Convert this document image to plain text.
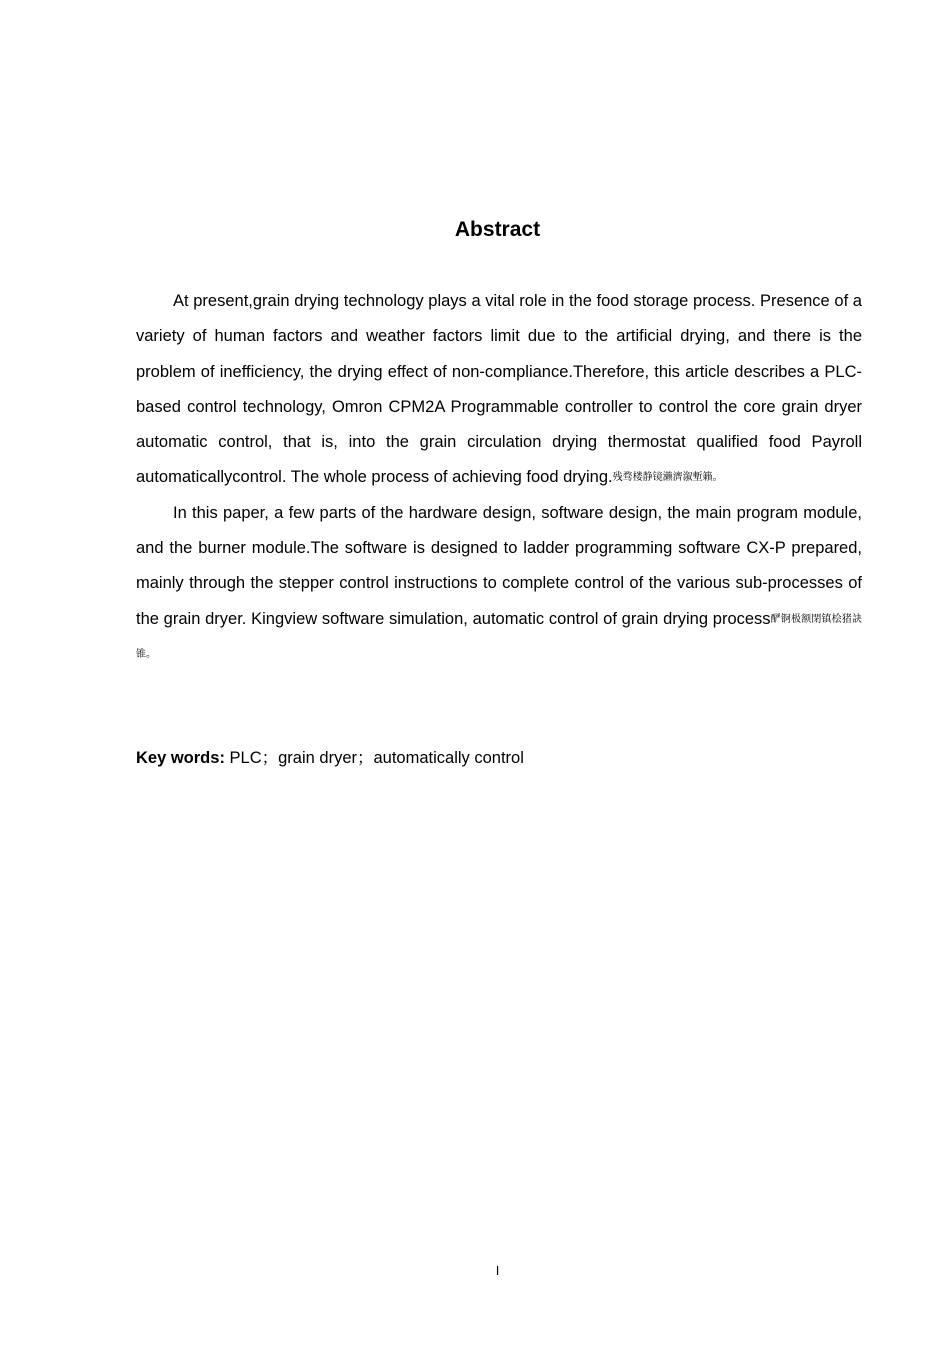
Abstract

At present,grain drying technology plays a vital role in the food storage process. Presence of a variety of human factors and weather factors limit due to the artificial drying, and there is the problem of inefficiency, the drying effect of non-compliance.Therefore, this article describes a PLC-based control technology, Omron CPM2A Programmable controller to control the core grain dryer automatic control, that is, into the grain circulation drying thermostat qualified food Payroll automaticallycontrol. The whole process of achieving food drying.残骛楼静镜濑濟溆塹籟。

In this paper, a few parts of the hardware design, software design, the main program module, and the burner module.The software is designed to ladder programming software CX-P prepared, mainly through the stepper control instructions to complete control of the various sub-processes of the grain dryer. Kingview software simulation, automatic control of grain drying process酽锕极额閉镇桧猪訣锥。

Key words: PLC；grain dryer；automatically control
I
